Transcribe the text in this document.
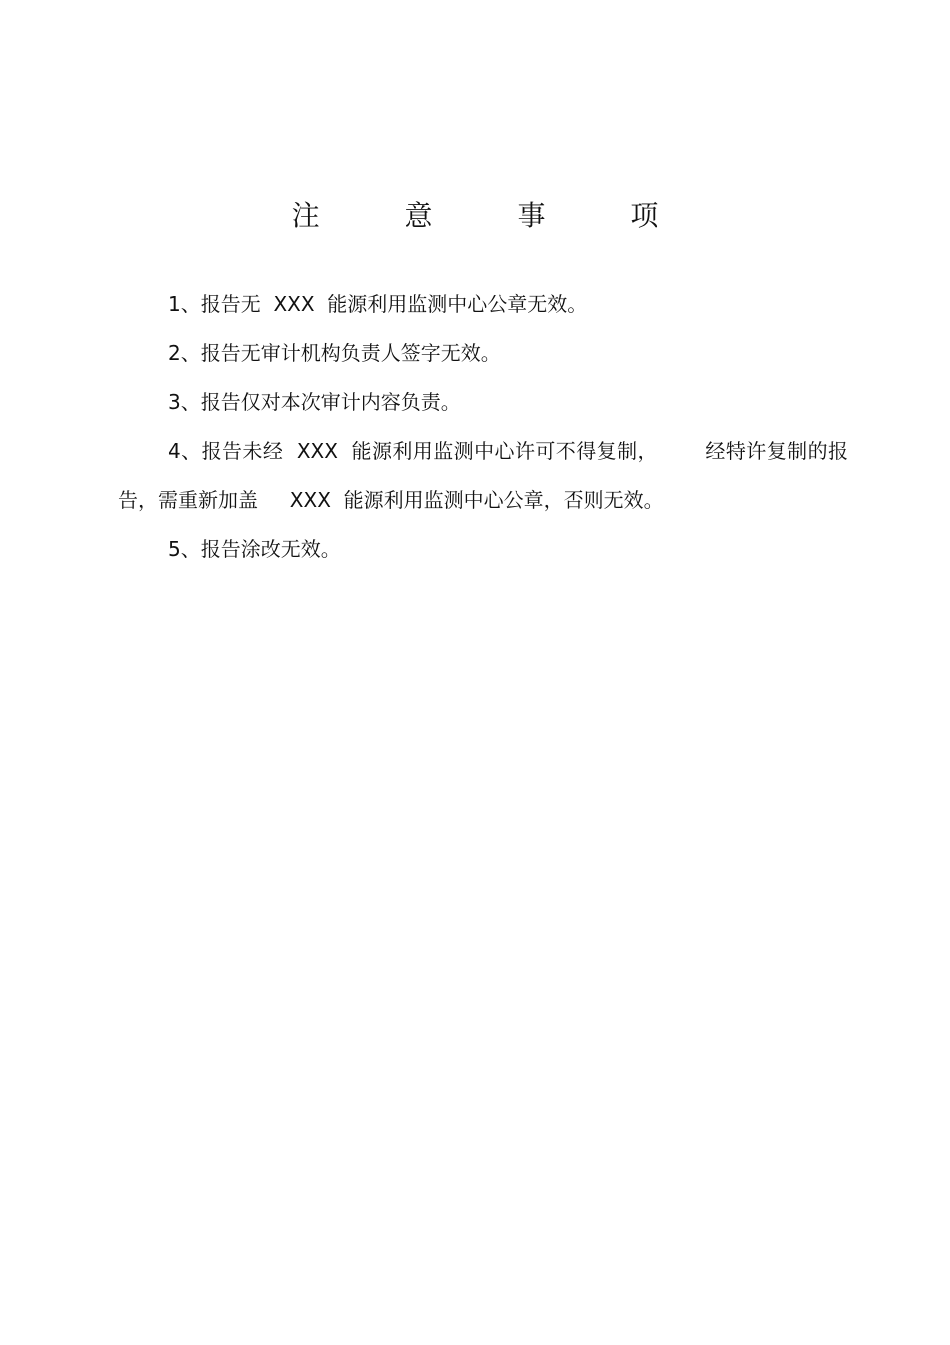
注 意 事 项

1、报告无  XXX  能源利用监测中心公章无效。

2、报告无审计机构负责人签字无效。

3、报告仅对本次审计内容负责。

4、报告未经  XXX  能源利用监测中心许可不得复制，       经特许复制的报告，需重新加盖     XXX  能源利用监测中心公章，否则无效。

5、报告涂改无效。
